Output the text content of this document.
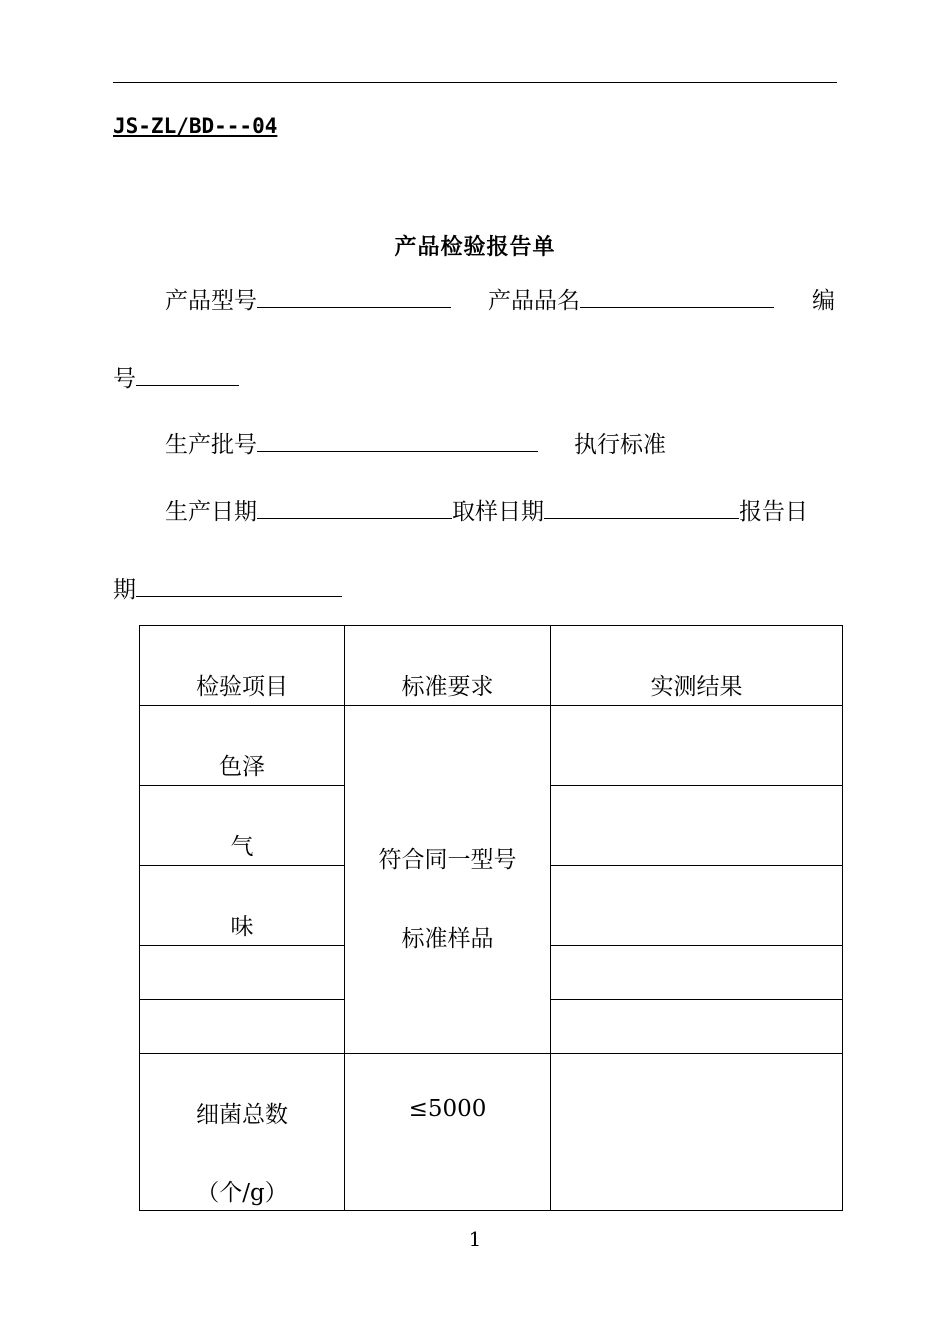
JS-ZL/BD---04
产品检验报告单
产品型号	产品品名	编
号
生产批号	执行标准
生产日期	取样日期	报告日
期
检验项目	标准要求	实测结果

色泽	符合同一型号
标准样品	

气		

味		

细菌总数
（个/g）	≤5000	

1
